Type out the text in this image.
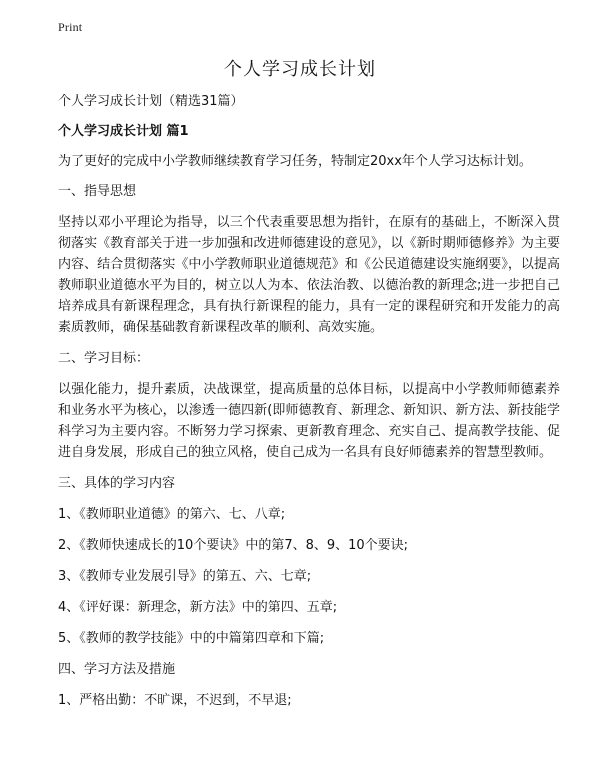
Print
个人学习成长计划

个人学习成长计划（精选31篇）

个人学习成长计划 篇1

为了更好的完成中小学教师继续教育学习任务，特制定20xx年个人学习达标计划。

一、指导思想

坚持以邓小平理论为指导，以三个代表重要思想为指针，在原有的基础上，不断深入贯彻落实《教育部关于进一步加强和改进师德建设的意见》，以《新时期师德修养》为主要内容、结合贯彻落实《中小学教师职业道德规范》和《公民道德建设实施纲要》，以提高教师职业道德水平为目的，树立以人为本、依法治教、以德治教的新理念;进一步把自己培养成具有新课程理念，具有执行新课程的能力，具有一定的课程研究和开发能力的高素质教师，确保基础教育新课程改革的顺利、高效实施。

二、学习目标：

以强化能力，提升素质，决战课堂，提高质量的总体目标，以提高中小学教师师德素养和业务水平为核心，以渗透一德四新(即师德教育、新理念、新知识、新方法、新技能学科学习为主要内容。不断努力学习探索、更新教育理念、充实自己、提高教学技能、促进自身发展，形成自己的独立风格，使自己成为一名具有良好师德素养的智慧型教师。

三、具体的学习内容

1、《教师职业道德》的第六、七、八章;

2、《教师快速成长的10个要诀》中的第7、8、9、10个要诀;

3、《教师专业发展引导》的第五、六、七章;

4、《评好课：新理念，新方法》中的第四、五章;

5、《教师的教学技能》中的中篇第四章和下篇;

四、学习方法及措施

1、严格出勤：不旷课，不迟到，不早退;
